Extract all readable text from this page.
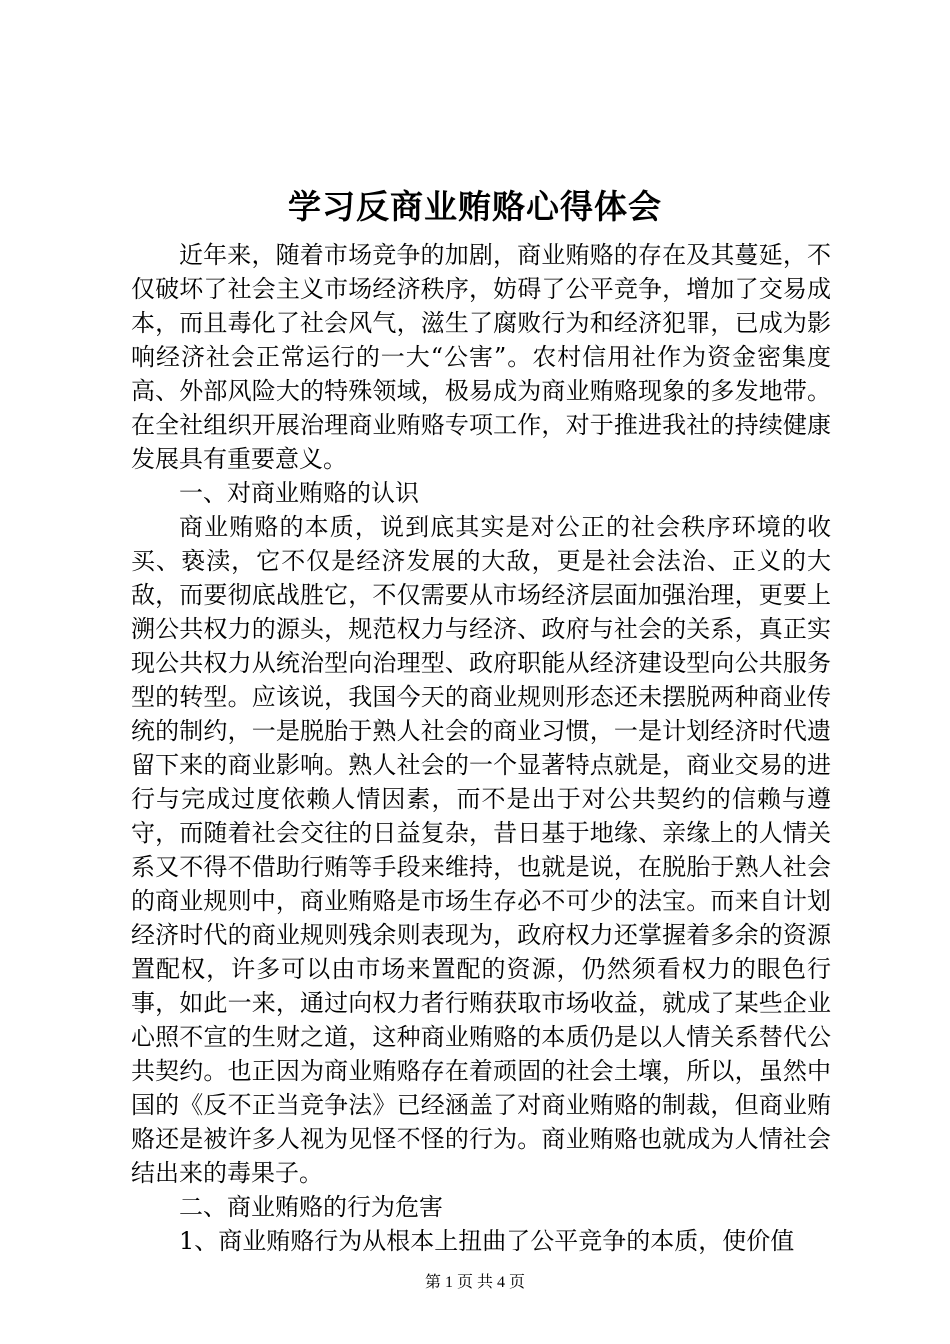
学习反商业贿赂心得体会

近年来，随着市场竞争的加剧，商业贿赂的存在及其蔓延，不仅破坏了社会主义市场经济秩序，妨碍了公平竞争，增加了交易成本，而且毒化了社会风气，滋生了腐败行为和经济犯罪，已成为影响经济社会正常运行的一大“公害”。农村信用社作为资金密集度高、外部风险大的特殊领域，极易成为商业贿赂现象的多发地带。在全社组织开展治理商业贿赂专项工作，对于推进我社的持续健康发展具有重要意义。

一、对商业贿赂的认识

商业贿赂的本质，说到底其实是对公正的社会秩序环境的收买、亵渎，它不仅是经济发展的大敌，更是社会法治、正义的大敌，而要彻底战胜它，不仅需要从市场经济层面加强治理，更要上溯公共权力的源头，规范权力与经济、政府与社会的关系，真正实现公共权力从统治型向治理型、政府职能从经济建设型向公共服务型的转型。应该说，我国今天的商业规则形态还未摆脱两种商业传统的制约，一是脱胎于熟人社会的商业习惯，一是计划经济时代遗留下来的商业影响。熟人社会的一个显著特点就是，商业交易的进行与完成过度依赖人情因素，而不是出于对公共契约的信赖与遵守，而随着社会交往的日益复杂，昔日基于地缘、亲缘上的人情关系又不得不借助行贿等手段来维持，也就是说，在脱胎于熟人社会的商业规则中，商业贿赂是市场生存必不可少的法宝。而来自计划经济时代的商业规则残余则表现为，政府权力还掌握着多余的资源置配权，许多可以由市场来置配的资源，仍然须看权力的眼色行事，如此一来，通过向权力者行贿获取市场收益，就成了某些企业心照不宣的生财之道，这种商业贿赂的本质仍是以人情关系替代公共契约。也正因为商业贿赂存在着顽固的社会土壤，所以，虽然中国的《反不正当竞争法》已经涵盖了对商业贿赂的制裁，但商业贿赂还是被许多人视为见怪不怪的行为。商业贿赂也就成为人情社会结出来的毒果子。

二、商业贿赂的行为危害

1、商业贿赂行为从根本上扭曲了公平竞争的本质，使价值

第 1 页 共 4 页
